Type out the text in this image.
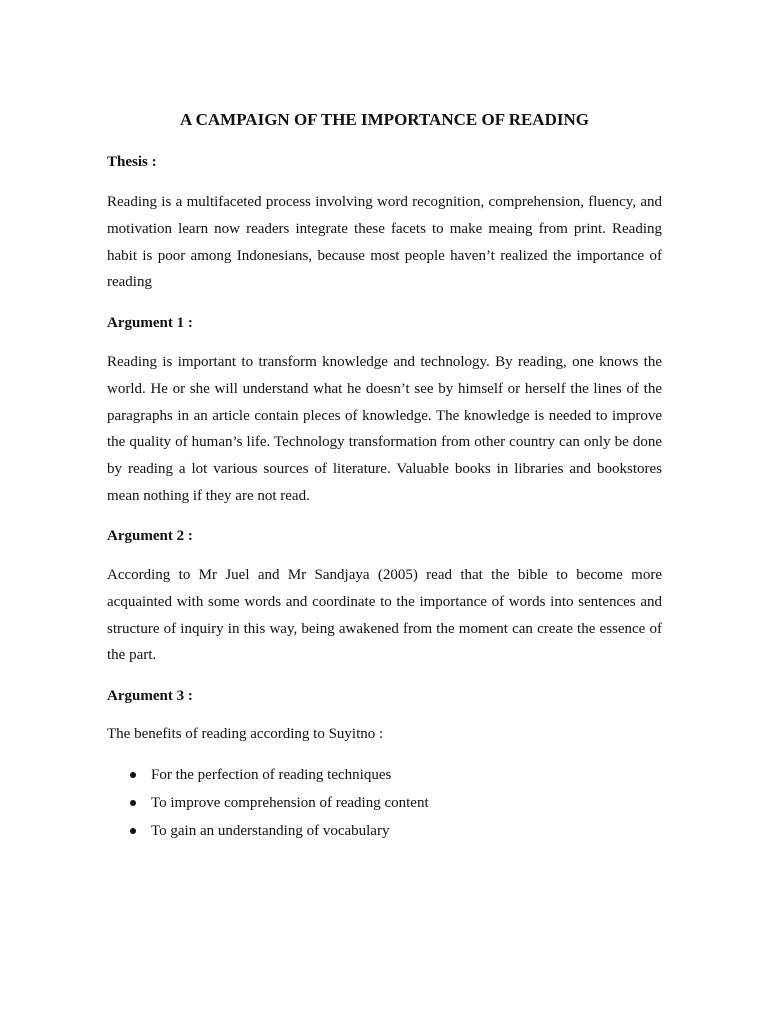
A CAMPAIGN OF THE IMPORTANCE OF READING
Thesis :

Reading is a multifaceted process involving word recognition, comprehension, fluency, and motivation learn now readers integrate these facets to make meaing from print. Reading habit is poor among Indonesians, because most people haven’t realized the importance of reading

Argument 1 :

Reading is important to transform knowledge and technology. By reading, one knows the world. He or she will understand what he doesn’t see by himself or herself the lines of the paragraphs in an article contain pleces of knowledge. The knowledge is needed to improve the quality of human’s life. Technology transformation from other country can only be done by reading a lot various sources of literature. Valuable books in libraries and bookstores mean nothing if they are not read.

Argument 2 :

According to Mr Juel and Mr Sandjaya (2005) read that the bible to become more acquainted with some words and coordinate to the importance of words into sentences and structure of inquiry in this way, being awakened from the moment can create the essence of the part.

Argument 3 :

The benefits of reading according to Suyitno :

For the perfection of reading techniques
To improve comprehension of reading content
To gain an understanding of vocabulary
